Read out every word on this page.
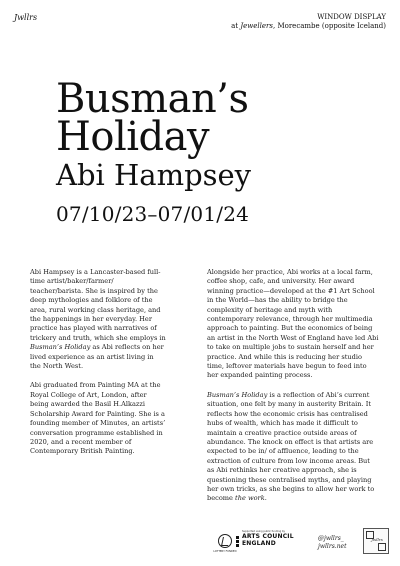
Jwllrs	WINDOW DISPLAY
at Jewellers, Morecambe (opposite Iceland)
Busman’s
Holiday
Abi Hampsey
07/10/23–07/01/24

Abi Hampsey is a Lancaster-based full-time artist/baker/farmer/ teacher/barista. She is inspired by the deep mythologies and folklore of the area, rural working class heritage, and the happenings in her everyday. Her practice has played with narratives of trickery and truth, which she employs in Busman’s Holiday as Abi reflects on her lived experience as an artist living in the North West.

Abi graduated from Painting MA at the Royal College of Art, London, after being awarded the Basil H.Alkazzi Scholarship Award for Painting. She is a founding member of Minutes, an artists’ conversation programme established in 2020, and a recent member of Contemporary British Painting.

Alongside her practice, Abi works at a local farm, coffee shop, cafe, and university. Her award winning practice—developed at the #1 Art School in the World—has the ability to bridge the complexity of heritage and myth with contemporary relevance, through her multimedia approach to painting. But the economics of being an artist in the North West of England have led Abi to take on multiple jobs to sustain herself and her practice. And while this is reducing her studio time, leftover materials have begun to feed into her expanded painting process.

Busman’s Holiday is a reflection of Abi’s current situation, one felt by many in austerity Britain. It reflects how the economic crisis has centralised hubs of wealth, which has made it difficult to maintain a creative practice outside areas of abundance. The knock on effect is that artists are expected to be in/ of affluence, leading to the extraction of culture from low income areas. But as Abi rethinks her creative approach, she is questioning these centralised myths, and playing her own tricks, as she begins to allow her work to become the work.

LOTTERY FUNDED
Supported using public funding by
ARTS COUNCIL
ENGLAND
@jwllrs_
jwllrs.net
Jwllrs
